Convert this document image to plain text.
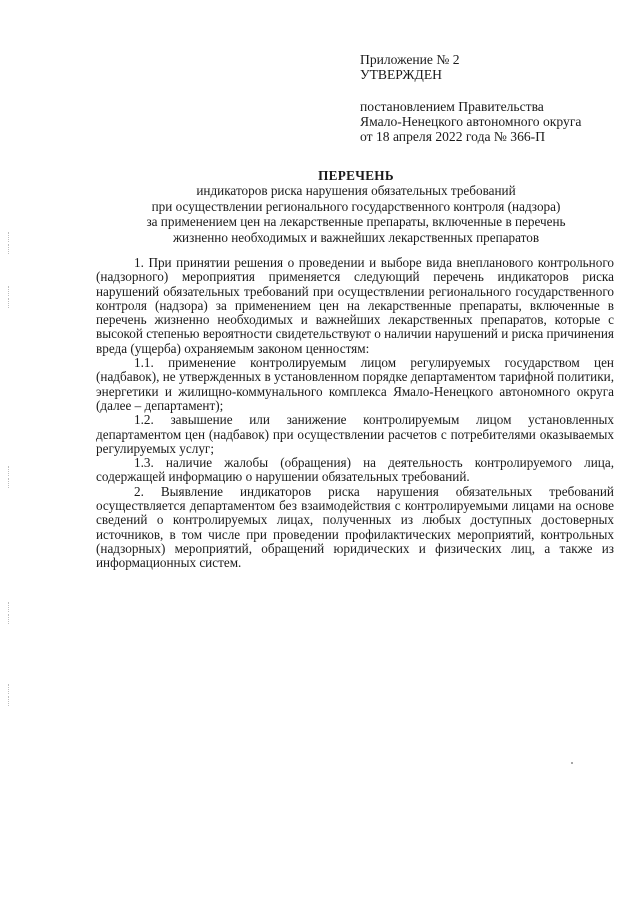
Приложение № 2
УТВЕРЖДЕН
постановлением Правительства
Ямало-Ненецкого автономного округа
от 18 апреля 2022 года № 366-П
ПЕРЕЧЕНЬ
индикаторов риска нарушения обязательных требований
при осуществлении регионального государственного контроля (надзора)
за применением цен на лекарственные препараты, включенные в перечень
жизненно необходимых и важнейших лекарственных препаратов

1. При принятии решения о проведении и выборе вида внепланового контрольного (надзорного) мероприятия применяется следующий перечень индикаторов риска нарушений обязательных требований при осуществлении регионального государственного контроля (надзора) за применением цен на лекарственные препараты, включенные в перечень жизненно необходимых и важнейших лекарственных препаратов, которые с высокой степенью вероятности свидетельствуют о наличии нарушений и риска причинения вреда (ущерба) охраняемым законом ценностям:

1.1. применение контролируемым лицом регулируемых государством цен (надбавок), не утвержденных в установленном порядке департаментом тарифной политики, энергетики и жилищно-коммунального комплекса Ямало-Ненецкого автономного округа (далее – департамент);

1.2. завышение или занижение контролируемым лицом установленных департаментом цен (надбавок) при осуществлении расчетов с потребителями оказываемых регулируемых услуг;

1.3. наличие жалобы (обращения) на деятельность контролируемого лица, содержащей информацию о нарушении обязательных требований.

2. Выявление индикаторов риска нарушения обязательных требований осуществляется департаментом без взаимодействия с контролируемыми лицами на основе сведений о контролируемых лицах, полученных из любых доступных достоверных источников, в том числе при проведении профилактических мероприятий, контрольных (надзорных) мероприятий, обращений юридических и физических лиц, а также из информационных систем.
